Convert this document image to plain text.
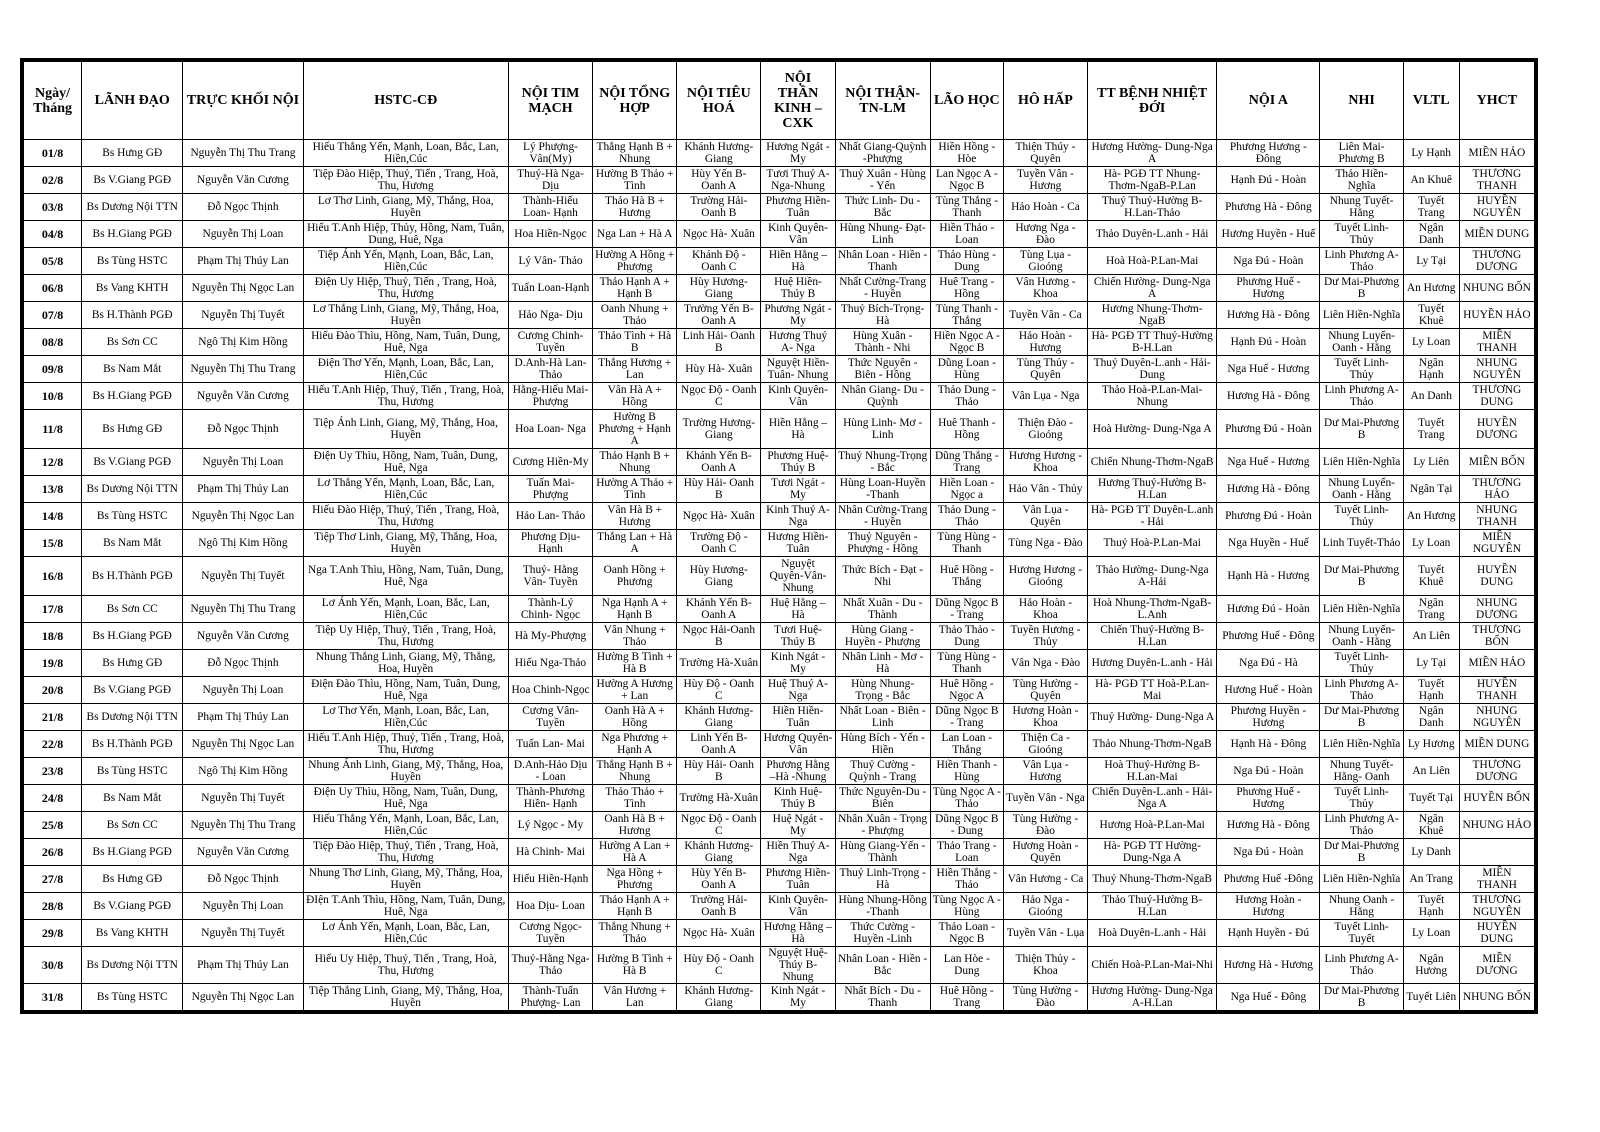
Ngày/ Tháng	LÃNH ĐẠO	TRỰC KHỐI NỘI	HSTC-CĐ	NỘI TIM MẠCH	NỘI TỔNG HỢP	NỘI TIÊU HOÁ	NỘI THẦN KINH – CXK	NỘI THẬN-TN-LM	LÃO HỌC	HÔ HẤP	TT BỆNH NHIỆT ĐỚI	NỘI A	NHI	VLTL	YHCT
01/8	Bs Hưng GĐ	Nguyễn Thị Thu Trang	Hiếu Thắng Yến, Mạnh, Loan, Bắc, Lan, Hiền,Cúc	Lý Phượng-Vân(My)	Thắng Hạnh B + Nhung	Khánh Hương-Giang	Hương Ngát - My	Nhất Giang-Quỳnh -Phượng	Hiền Hồng - Hòe	Thiện Thúy - Quyên	Hương Hường- Dung-Nga A	Phương Hương - Đông	Liên Mai-Phương B	Ly Hạnh	MIỀN HẢO
02/8	Bs V.Giang PGĐ	Nguyễn Văn Cương	Tiệp Đào Hiệp, Thuỷ, Tiến , Trang, Hoà, Thu, Hương	Thuý-Hà Nga-Dịu	Hường B Thảo + Tình	Hùy Yến B-Oanh A	Tươi Thuý A-Nga-Nhung	Thuỷ Xuân - Hùng - Yến	Lan Ngọc A - Ngọc B	Tuyền Vân - Hương	Hà- PGĐ TT Nhung-Thơm-NgaB-P.Lan	Hạnh Đú - Hoàn	Thảo Hiền-Nghĩa	An Khuê	THƯƠNG THANH
03/8	Bs Dương Nội TTN	Đỗ Ngọc Thịnh	Lơ Thơ Linh, Giang, Mỹ, Thắng, Hoa, Huyền	Thành-Hiếu Loan- Hạnh	Thảo Hà B + Hương	Trường Hải-Oanh B	Phương Hiền-Tuân	Thức Linh- Du - Bắc	Tùng Thắng - Thanh	Hảo Hoàn - Ca	Thuý Thuỷ-Hường B-H.Lan-Thảo	Phương Hà - Đông	Nhung Tuyết-Hằng	Tuyết Trang	HUYỀN NGUYÊN
04/8	Bs H.Giang PGĐ	Nguyễn Thị Loan	Hiếu T.Anh Hiệp, Thủy, Hồng, Nam, Tuân, Dung, Huê, Nga	Hoa Hiền-Ngọc	Nga Lan + Hà A	Ngọc Hà- Xuân	Kinh Quyên-Vân	Hùng Nhung- Đạt- Linh	Hiền Thảo - Loan	Hương Nga - Đào	Thảo Duyên-L.anh - Hải	Hương Huyền - Huế	Tuyết Linh-Thủy	Ngân Danh	MIỀN DUNG
05/8	Bs Tùng HSTC	Phạm Thị Thúy Lan	Tiệp Ánh Yến, Mạnh, Loan, Bắc, Lan, Hiền,Cúc	Lý Vân- Thảo	Hường A Hồng + Phương	Khánh Độ - Oanh C	Hiền Hằng – Hà	Nhân Loan - Hiền -Thanh	Thảo Hùng - Dung	Tùng Lụa - Gioóng	Hoà Hoà-P.Lan-Mai	Nga Đú - Hoàn	Linh Phương A- Thảo	Ly Tại	THƯƠNG DƯƠNG
06/8	Bs Vang KHTH	Nguyễn Thị Ngọc Lan	Điện Uy Hiệp, Thuỷ, Tiến , Trang, Hoà, Thu, Hương	Tuấn Loan-Hạnh	Thảo Hạnh A + Hạnh B	Hùy Hương-Giang	Huệ Hiền-Thúy B	Nhất Cường-Trang - Huyền	Huê Trang - Hồng	Vân Hương - Khoa	Chiến Hường- Dung-Nga A	Phương Huế - Hương	Dư Mai-Phương B	An Hương	NHUNG BỐN
07/8	Bs H.Thành PGĐ	Nguyễn Thị Tuyết	Lơ Thắng Linh, Giang, Mỹ, Thắng, Hoa, Huyền	Hảo Nga- Dịu	Oanh Nhung + Thảo	Trường Yến B-Oanh A	Phương Ngát - My	Thuỷ Bích-Trọng- Hà	Tùng Thanh - Thắng	Tuyền Vân - Ca	Hương Nhung-Thơm-NgaB	Hương Hà - Đông	Liên Hiền-Nghĩa	Tuyết Khuê	HUYỀN HẢO
08/8	Bs Sơn CC	Ngô Thị Kim Hồng	Hiếu Đào Thìu, Hồng, Nam, Tuân, Dung, Huê, Nga	Cương Chinh-Tuyền	Thảo Tình + Hà B	Linh Hải- Oanh B	Hương Thuý A- Nga	Hùng Xuân - Thành - Nhi	Hiền Ngọc A - Ngọc B	Hảo Hoàn - Hương	Hà- PGĐ TT Thuý-Hường B-H.Lan	Hạnh Đú - Hoàn	Nhung Luyến-Oanh - Hằng	Ly Loan	MIỀN THANH
09/8	Bs Nam Mắt	Nguyễn Thị Thu Trang	Điện Thơ Yến, Mạnh, Loan, Bắc, Lan, Hiền,Cúc	D.Anh-Hà Lan-Thảo	Thắng Hương + Lan	Hùy Hà- Xuân	Nguyệt Hiền-Tuân- Nhung	Thức Nguyên - Biên - Hồng	Dũng Loan - Hùng	Tùng Thủy - Quyên	Thuỷ Duyên-L.anh - Hải-Dung	Nga Huế - Hương	Tuyết Linh-Thủy	Ngân Hạnh	NHUNG NGUYÊN
10/8	Bs H.Giang PGĐ	Nguyễn Văn Cương	Hiếu T.Anh Hiệp, Thuỷ, Tiến , Trang, Hoà, Thu, Hương	Hằng-Hiếu Mai- Phượng	Vân Hà A + Hồng	Ngọc Độ - Oanh C	Kinh Quyên-Vân	Nhân Giang- Du - Quỳnh	Thảo Dung - Thảo	Vân Lụa - Nga	Thảo Hoà-P.Lan-Mai-Nhung	Hương Hà - Đông	Linh Phương A- Thảo	An Danh	THƯƠNG DUNG
11/8	Bs Hưng GĐ	Đỗ Ngọc Thịnh	Tiệp Ánh Linh, Giang, Mỹ, Thắng, Hoa, Huyền	Hoa Loan- Nga	Hường B Phương + Hạnh A	Trường Hương-Giang	Hiền Hằng – Hà	Hùng Linh- Mơ - Linh	Huê Thanh - Hồng	Thiện Đào - Gioóng	Hoà Hường- Dung-Nga A	Phương Đú - Hoàn	Dư Mai-Phương B	Tuyết Trang	HUYỀN DƯƠNG
12/8	Bs V.Giang PGĐ	Nguyễn Thị Loan	Điện Uy Thìu, Hồng, Nam, Tuân, Dung, Huê, Nga	Cương Hiền-My	Thảo Hạnh B + Nhung	Khánh Yến B-Oanh A	Phương Huệ-Thúy B	Thuỷ Nhung-Trọng - Bắc	Dũng Thắng - Trang	Hương Hương - Khoa	Chiến Nhung-Thơm-NgaB	Nga Huế - Hương	Liên Hiền-Nghĩa	Ly Liên	MIỀN BỐN
13/8	Bs Dương Nội TTN	Phạm Thị Thúy Lan	Lơ Thắng Yến, Mạnh, Loan, Bắc, Lan, Hiền,Cúc	Tuấn Mai-Phượng	Hường A Thảo + Tình	Hùy Hải- Oanh B	Tươi Ngát - My	Hùng Loan-Huyền -Thanh	Hiền Loan - Ngọc a	Hảo Vân - Thủy	Hương Thuý-Hường B-H.Lan	Hương Hà - Đông	Nhung Luyến-Oanh - Hằng	Ngân Tại	THƯƠNG HẢO
14/8	Bs Tùng HSTC	Nguyễn Thị Ngọc Lan	Hiếu Đào Hiệp, Thuỷ, Tiến , Trang, Hoà, Thu, Hương	Hảo Lan- Thảo	Vân Hà B + Hương	Ngọc Hà- Xuân	Kinh Thuý A-Nga	Nhân Cường-Trang - Huyền	Thảo Dung - Thảo	Vân Lụa - Quyên	Hà- PGĐ TT Duyên-L.anh - Hải	Phương Đú - Hoàn	Tuyết Linh-Thủy	An Hương	NHUNG THANH
15/8	Bs Nam Mắt	Ngô Thị Kim Hồng	Tiệp Thơ Linh, Giang, Mỹ, Thắng, Hoa, Huyền	Phương Dịu-Hạnh	Thắng Lan + Hà A	Trường Độ - Oanh C	Hương Hiền-Tuân	Thuỷ Nguyên - Phượng - Hồng	Tùng Hùng - Thanh	Tùng Nga - Đào	Thuỷ Hoà-P.Lan-Mai	Nga Huyền - Huế	Linh Tuyết-Thảo	Ly Loan	MIỀN NGUYÊN
16/8	Bs H.Thành PGĐ	Nguyễn Thị Tuyết	Nga T.Anh Thìu, Hồng, Nam, Tuân, Dung, Huê, Nga	Thuỷ- Hằng Vân- Tuyền	Oanh Hồng + Phương	Hùy Hương-Giang	Nguyệt Quyên-Vân-Nhung	Thức Bích - Đạt - Nhi	Huê Hồng - Thắng	Hương Hương - Gioóng	Thảo Hường- Dung-Nga A-Hải	Hạnh Hà - Hương	Dư Mai-Phương B	Tuyết Khuê	HUYỀN DUNG
17/8	Bs Sơn CC	Nguyễn Thị Thu Trang	Lơ Ánh Yến, Mạnh, Loan, Bắc, Lan, Hiền,Cúc	Thành-Lý Chinh- Ngọc	Nga Hạnh A + Hạnh B	Khánh Yến B-Oanh A	Huệ Hằng – Hà	Nhất Xuân - Du - Thành	Dũng Ngọc B - Trang	Hảo Hoàn - Khoa	Hoà Nhung-Thơm-NgaB-L.Anh	Hương Đú - Hoàn	Liên Hiền-Nghĩa	Ngân Trang	NHUNG DƯƠNG
18/8	Bs H.Giang PGĐ	Nguyễn Văn Cương	Tiệp Uy Hiệp, Thuỷ, Tiến , Trang, Hoà, Thu, Hương	Hà My-Phượng	Vân Nhung + Thảo	Ngọc Hải-Oanh B	Tươi Huệ-Thúy B	Hùng Giang - Huyền - Phượng	Thảo Thảo - Dung	Tuyền Hương - Thủy	Chiến Thuý-Hường B-H.Lan	Phương Huế - Đông	Nhung Luyến-Oanh - Hằng	An Liên	THƯƠNG BỐN
19/8	Bs Hưng GĐ	Đỗ Ngọc Thịnh	Nhung Thắng Linh, Giang, Mỹ, Thắng, Hoa, Huyền	Hiếu Nga-Thảo	Hường B Tình + Hà B	Trường Hà-Xuân	Kinh Ngát - My	Nhân Linh - Mơ - Hà	Tùng Hùng - Thanh	Vân Nga - Đào	Hương Duyên-L.anh - Hải	Nga Đú - Hà	Tuyết Linh-Thủy	Ly Tại	MIỀN HẢO
20/8	Bs V.Giang PGĐ	Nguyễn Thị Loan	Điện Đào Thìu, Hồng, Nam, Tuân, Dung, Huê, Nga	Hoa Chinh-Ngọc	Hường A Hương + Lan	Hùy Độ - Oanh C	Huệ Thuý A-Nga	Hùng Nhung-Trọng - Bắc	Huê Hồng - Ngọc A	Tùng Hường - Quyên	Hà- PGĐ TT Hoà-P.Lan-Mai	Hương Huế - Hoàn	Linh Phương A- Thảo	Tuyết Hạnh	HUYỀN THANH
21/8	Bs Dương Nội TTN	Phạm Thị Thúy Lan	Lơ Thơ Yến, Mạnh, Loan, Bắc, Lan, Hiền,Cúc	Cương Vân-Tuyền	Oanh Hà A + Hồng	Khánh Hương-Giang	Hiền Hiền-Tuân	Nhất Loan - Biên - Linh	Dũng Ngọc B - Trang	Hương Hoàn - Khoa	Thuỷ Hường- Dung-Nga A	Phương Huyền - Hương	Dư Mai-Phương B	Ngân Danh	NHUNG NGUYÊN
22/8	Bs H.Thành PGĐ	Nguyễn Thị Ngọc Lan	Hiếu T.Anh Hiệp, Thuỷ, Tiến , Trang, Hoà, Thu, Hương	Tuấn Lan- Mai	Nga Phương + Hạnh A	Linh Yến B-Oanh A	Hương Quyên-Vân	Hùng Bích - Yến - Hiền	Lan Loan - Thắng	Thiện Ca - Gioóng	Thảo Nhung-Thơm-NgaB	Hạnh Hà - Đông	Liên Hiền-Nghĩa	Ly Hương	MIỀN DUNG
23/8	Bs Tùng HSTC	Ngô Thị Kim Hồng	Nhung Ánh Linh, Giang, Mỹ, Thắng, Hoa, Huyền	D.Anh-Hảo Dịu - Loan	Thắng Hạnh B + Nhung	Hùy Hải- Oanh B	Phương Hằng –Hà -Nhung	Thuỷ Cường - Quỳnh - Trang	Hiền Thanh - Hùng	Vân Lụa - Hương	Hoà Thuý-Hường B-H.Lan-Mai	Nga Đú - Hoàn	Nhung Tuyết-Hằng- Oanh	An Liên	THƯƠNG DƯƠNG
24/8	Bs Nam Mắt	Nguyễn Thị Tuyết	Điện Uy Thìu, Hồng, Nam, Tuân, Dung, Huê, Nga	Thành-Phương Hiền- Hạnh	Thảo Thảo + Tình	Trường Hà-Xuân	Kinh Huệ-Thúy B	Thức Nguyên-Du -Biên	Tùng Ngọc A - Thảo	Tuyền Vân - Nga	Chiến Duyên-L.anh - Hải-Nga A	Phương Huế - Hương	Tuyết Linh-Thủy	Tuyết Tại	HUYỀN BỐN
25/8	Bs Sơn CC	Nguyễn Thị Thu Trang	Hiếu Thắng Yến, Mạnh, Loan, Bắc, Lan, Hiền,Cúc	Lý Ngọc - My	Oanh Hà B + Hương	Ngọc Độ - Oanh C	Huệ Ngát - My	Nhân Xuân - Trọng - Phượng	Dũng Ngọc B - Dung	Tùng Hường - Đào	Hương Hoà-P.Lan-Mai	Hương Hà - Đông	Linh Phương A- Thảo	Ngân Khuê	NHUNG HẢO
26/8	Bs H.Giang PGĐ	Nguyễn Văn Cương	Tiệp Đào Hiệp, Thuỷ, Tiến , Trang, Hoà, Thu, Hương	Hà Chinh- Mai	Hường A Lan + Hà A	Khánh Hương-Giang	Hiền Thuý A-Nga	Hùng Giang-Yến - Thành	Thảo Trang - Loan	Hương Hoàn - Quyên	Hà- PGĐ TT Hường-Dung-Nga A	Nga Đú - Hoàn	Dư Mai-Phương B	Ly Danh	
27/8	Bs Hưng GĐ	Đỗ Ngọc Thịnh	Nhung Thơ Linh, Giang, Mỹ, Thắng, Hoa, Huyền	Hiếu Hiền-Hạnh	Nga Hồng + Phương	Hùy Yến B-Oanh A	Phương Hiền-Tuân	Thuỷ Linh-Trọng - Hà	Hiền Thắng - Thảo	Vân Hương - Ca	Thuỷ Nhung-Thơm-NgaB	Phương Huế -Đông	Liên Hiền-Nghĩa	An Trang	MIỀN THANH
28/8	Bs V.Giang PGĐ	Nguyễn Thị Loan	ĐIện T.Anh Thìu, Hồng, Nam, Tuân, Dung, Huê, Nga	Hoa Dịu- Loan	Thảo Hạnh A + Hạnh B	Trường Hải-Oanh B	Kinh Quyên-Vân	Hùng Nhung-Hồng -Thanh	Tùng Ngọc A - Hùng	Hảo Nga - Gioóng	Thảo Thuý-Hường B-H.Lan	Hương Hoàn - Hương	Nhung Oanh - Hằng	Tuyết Hạnh	THƯƠNG NGUYÊN
29/8	Bs Vang KHTH	Nguyễn Thị Tuyết	Lơ Ánh Yến, Mạnh, Loan, Bắc, Lan, Hiền,Cúc	Cương Ngọc-Tuyền	Thắng Nhung + Thảo	Ngọc Hà- Xuân	Hương Hằng –Hà	Thức Cường - Huyền -Linh	Thảo Loan - Ngọc B	Tuyền Vân - Lụa	Hoà Duyên-L.anh - Hải	Hạnh Huyền - Đú	Tuyết Linh-Tuyết	Ly Loan	HUYỀN DUNG
30/8	Bs Dương Nội TTN	Phạm Thị Thúy Lan	Hiếu Uy Hiệp, Thuỷ, Tiến , Trang, Hoà, Thu, Hương	Thuỷ-Hằng Nga- Thảo	Hường B Tình + Hà B	Hùy Độ - Oanh C	Nguyệt Huệ-Thúy B-Nhung	Nhân Loan - Hiền -Bắc	Lan Hòe - Dung	Thiện Thủy - Khoa	Chiến Hoà-P.Lan-Mai-Nhi	Hương Hà - Hương	Linh Phương A- Thảo	Ngân Hương	MIỀN DƯƠNG
31/8	Bs Tùng HSTC	Nguyễn Thị Ngọc Lan	Tiệp Thắng Linh, Giang, Mỹ, Thắng, Hoa, Huyền	Thành-Tuấn Phượng- Lan	Vân Hương + Lan	Khánh Hương-Giang	Kinh Ngát - My	Nhất Bích - Du - Thanh	Huê Hồng - Trang	Tùng Hường - Đào	Hương Hường- Dung-Nga A-H.Lan	Nga Huế - Đông	Dư Mai-Phương B	Tuyết Liên	NHUNG BỐN
